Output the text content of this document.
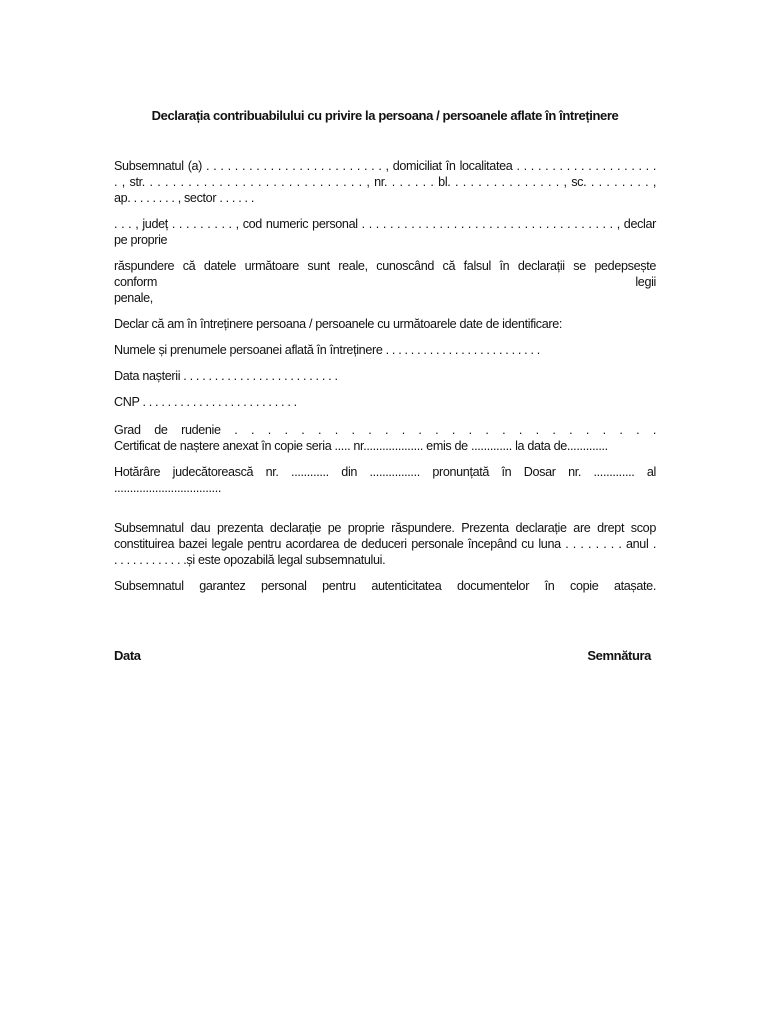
Declarația contribuabilului cu privire la persoana / persoanele aflate în întreținere
Subsemnatul (a) . . . . . . . . . . . . . . . . . . . . . . . . . , domiciliat în localitatea . . . . . . . . . . . . . . . . . . . .
. , str. . . . . . . . . . . . . . . . . . . . . . . . . . . . . , nr. . . . . . . bl. . . . . . . . . . . . . . . , sc. . . . . . . . . ,
ap. . . . . . . . , sector . . . . . .
. . . , județ . . . . . . . . . , cod numeric personal . . . . . . . . . . . . . . . . . . . . . . . . . . . . . . . . . . . . , declar
pe proprie
răspundere că datele următoare sunt reale, cunoscând că falsul în declarații se pedepsește
conform	legii
penale,
Declar că am în întreținere persoana / persoanele cu următoarele date de identificare:
Numele și prenumele persoanei aflată în întreținere . . . . . . . . . . . . . . . . . . . . . . . . .
Data nașterii . . . . . . . . . . . . . . . . . . . . . . . . .
CNP . . . . . . . . . . . . . . . . . . . . . . . . .
Grad de rudenie . . . . . . . . . . . . . . . . . . . . . . . . . .
Certificat de naștere anexat în copie seria ..... nr................... emis de ............. la data de.............
Hotărâre judecătorească nr. ............ din ................ pronunțată în Dosar nr. ............. al
..................................
Subsemnatul dau prezenta declarație pe proprie răspundere. Prezenta declarație are drept scop
constituirea bazei legale pentru acordarea de deduceri personale începând cu luna . . . . . . . . anul .
. . . . . . . . . . . .și este opozabilă legal subsemnatului.
Subsemnatul garantez personal pentru autenticitatea documentelor în copie atașate.
Data	Semnătura
